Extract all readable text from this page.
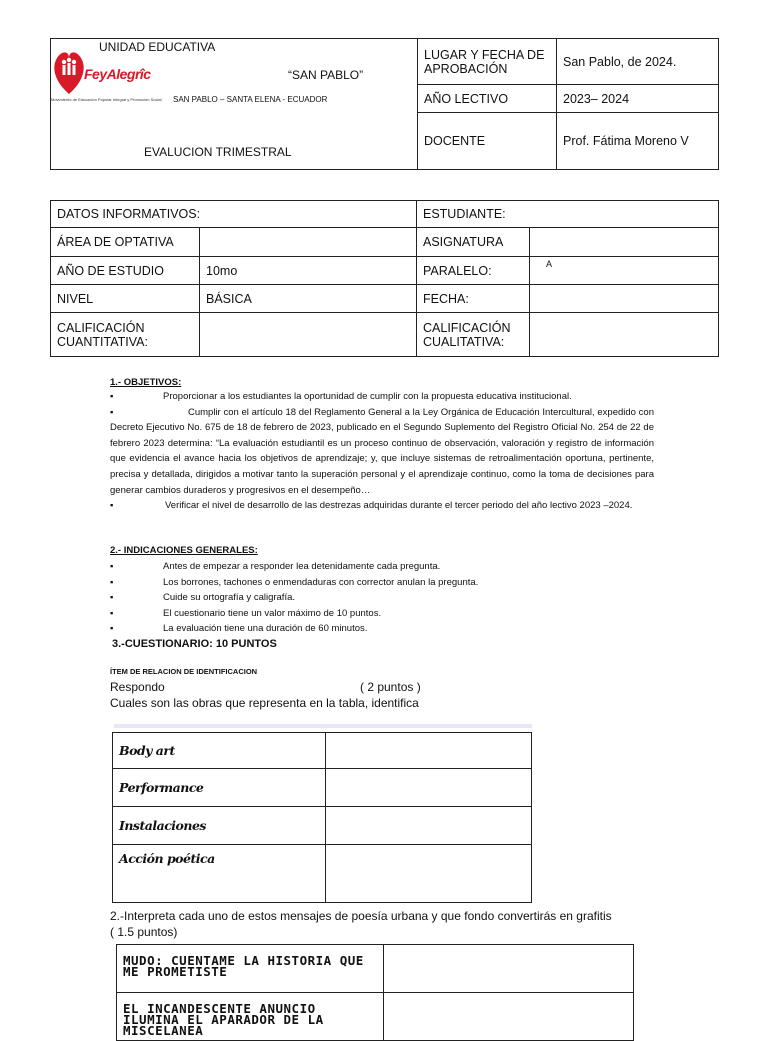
	LUGAR Y FECHA DE APROBACIÓN	San Pablo, de 2024.
	AÑO LECTIVO	2023– 2024
	DOCENTE	Prof. Fátima Moreno V
FeyAlegrîc
Movimiento de Educación Popular Integral y Promoción Social
UNIDAD EDUCATIVA
“SAN PABLO”
SAN PABLO – SANTA ELENA - ECUADOR
EVALUCION TRIMESTRAL
DATOS INFORMATIVOS:		ESTUDIANTE:	
ÁREA DE OPTATIVA		ASIGNATURA	
AÑO DE ESTUDIO	10mo	PARALELO:	A
NIVEL	BÁSICA	FECHA:	
CALIFICACIÓN CUANTITATIVA:		CALIFICACIÓN CUALITATIVA:	
1.- OBJETIVOS:
▪	Proporcionar a los estudiantes la oportunidad de cumplir con la propuesta educativa institucional.
▪	Cumplir con el artículo 18 del Reglamento General a la Ley Orgánica de Educación Intercultural, expedido con Decreto Ejecutivo No. 675 de 18 de febrero de 2023, publicado en el Segundo Suplemento del Registro Oficial No. 254 de 22 de febrero 2023 determina: “La evaluación estudiantil es un proceso continuo de observación, valoración y registro de información que evidencia el avance hacia los objetivos de aprendizaje; y, que incluye sistemas de retroalimentación oportuna, pertinente, precisa y detallada, dirigidos a motivar tanto la superación personal y el aprendizaje continuo, como la toma de decisiones para generar cambios duraderos y progresivos en el desempeño…
▪	Verificar el nivel de desarrollo de las destrezas adquiridas durante el tercer periodo del año lectivo 2023 –2024.
2.- INDICACIONES GENERALES:
▪	Antes de empezar a responder lea detenidamente cada pregunta.
▪	Los borrones, tachones o enmendaduras con corrector anulan la pregunta.
▪	Cuide su ortografía y caligrafía.
▪	El cuestionario tiene un valor máximo de 10 puntos.
▪	La evaluación tiene una duración de 60 minutos.
3.-CUESTIONARIO: 10 PUNTOS
ÍTEM DE RELACION DE IDENTIFICACION
Respondo	( 2 puntos )
Cuales son las obras que representa en la tabla, identifica
Body art	
Performance	
Instalaciones	
Acción poética	
2.-Interpreta cada uno de estos mensajes de poesía urbana y que fondo convertirás en grafitis
( 1.5 puntos)
MUDO: CUENTAME LA HISTORIA QUE ME PROMETISTE	
EL INCANDESCENTE ANUNCIO ILUMINA EL APARADOR DE LA MISCELANEA	
